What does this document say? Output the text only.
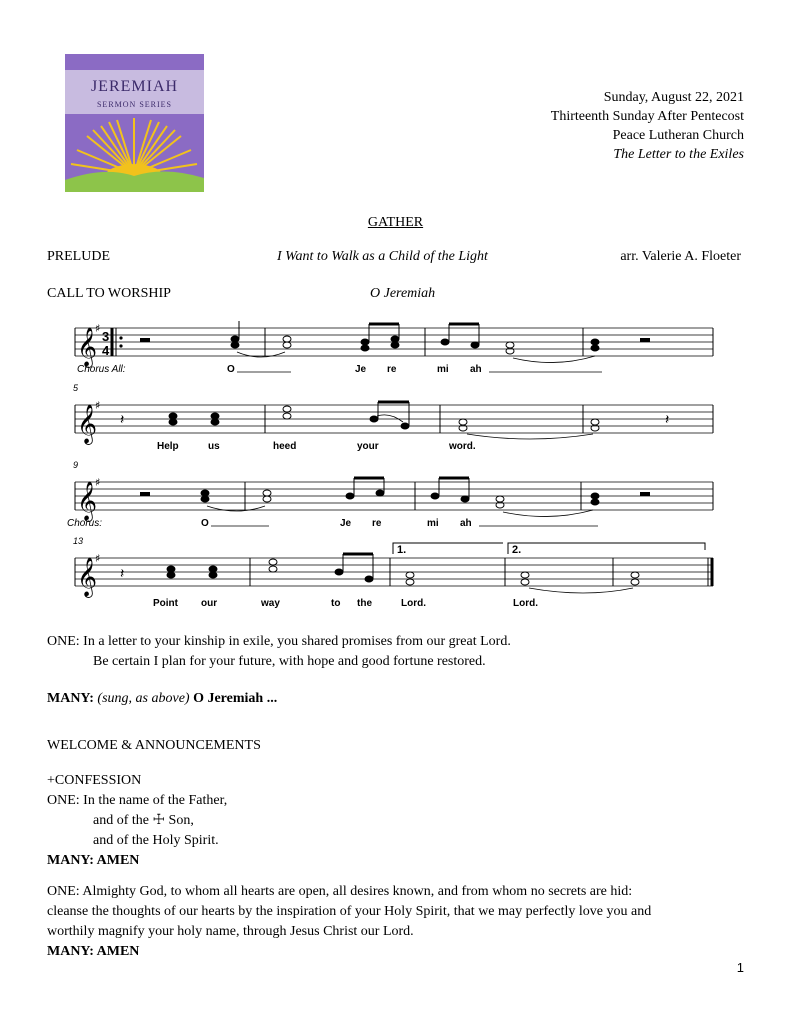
JEREMIAH
SERMON SERIES	Sunday, August 22, 2021
Thirteenth Sunday After Pentecost
Peace Lutheran Church
The Letter to the Exiles
GATHER
PRELUDE	I Want to Walk as a Child of the Light	arr. Valerie A. Floeter
CALL TO WORSHIP	O Jeremiah
𝄞
𝄞
𝄞
𝄞
♯
♯
♯
♯
3
4
𝄽	𝄽
𝄽
1.	2.
5
9
13
Chorus All:
Chorus:
O	Je re	mi ah
Help	us	heed	your	word.
O	Je re	mi ah
Point our	way	to the	Lord.	Lord.
ONE: In a letter to your kinship in exile, you shared promises from our great Lord.
Be certain I plan for your future, with hope and good fortune restored.
MANY: (sung, as above) O Jeremiah ...
WELCOME & ANNOUNCEMENTS
+CONFESSION
ONE: In the name of the Father,
and of the ☩ Son,
and of the Holy Spirit.
MANY: AMEN
ONE: Almighty God, to whom all hearts are open, all desires known, and from whom no secrets are hid:
cleanse the thoughts of our hearts by the inspiration of your Holy Spirit, that we may perfectly love you and
worthily magnify your holy name, through Jesus Christ our Lord.
MANY: AMEN
1
